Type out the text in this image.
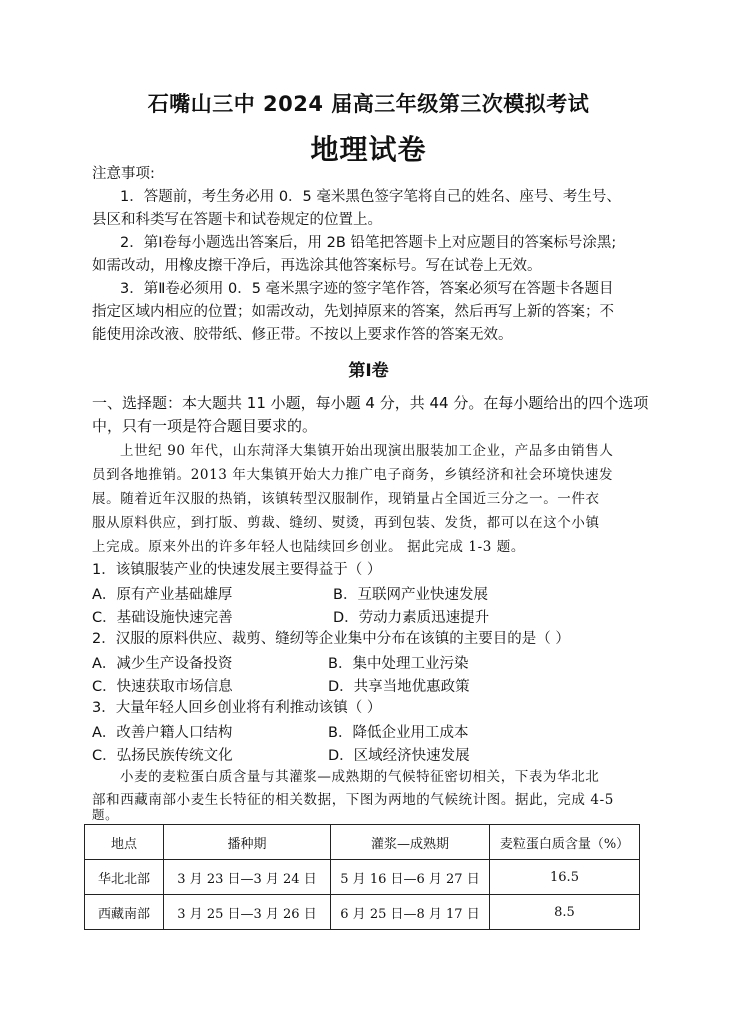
石嘴山三中 2024 届高三年级第三次模拟考试
地理试卷
注意事项:
1．答题前，考生务必用 0．5 毫米黑色签字笔将自己的姓名、座号、考生号、
县区和科类写在答题卡和试卷规定的位置上。
2．第Ⅰ卷每小题选出答案后，用 2B 铅笔把答题卡上对应题目的答案标号涂黑;
如需改动，用橡皮擦干净后，再选涂其他答案标号。写在试卷上无效。
3．第Ⅱ卷必须用 0．5 毫米黑字迹的签字笔作答，答案必须写在答题卡各题目
指定区域内相应的位置；如需改动，先划掉原来的答案，然后再写上新的答案；不
能使用涂改液、胶带纸、修正带。不按以上要求作答的答案无效。
第Ⅰ卷
一、选择题：本大题共 11 小题，每小题 4 分，共 44 分。在每小题给出的四个选项
中，只有一项是符合题目要求的。
上世纪 90 年代，山东菏泽大集镇开始出现演出服装加工企业，产品多由销售人
员到各地推销。2013 年大集镇开始大力推广电子商务，乡镇经济和社会环境快速发
展。随着近年汉服的热销，该镇转型汉服制作，现销量占全国近三分之一。一件衣
服从原料供应，到打版、剪裁、缝纫、熨烫，再到包装、发货，都可以在这个小镇
上完成。原来外出的许多年轻人也陆续回乡创业。 据此完成 1-3 题。
1．该镇服装产业的快速发展主要得益于（ ）
A．原有产业基础雄厚	B．互联网产业快速发展
C．基础设施快速完善	D．劳动力素质迅速提升
2．汉服的原料供应、裁剪、缝纫等企业集中分布在该镇的主要目的是（ ）
A．减少生产设备投资	B．集中处理工业污染
C．快速获取市场信息	D．共享当地优惠政策
3．大量年轻人回乡创业将有利推动该镇（ ）
A．改善户籍人口结构	B．降低企业用工成本
C．弘扬民族传统文化	D．区域经济快速发展
小麦的麦粒蛋白质含量与其灌浆—成熟期的气候特征密切相关，下表为华北北
部和西藏南部小麦生长特征的相关数据，下图为两地的气候统计图。据此，完成 4-5
题。
地点	播种期	灌浆—成熟期	麦粒蛋白质含量（%）
华北北部	3 月 23 日—3 月 24 日	5 月 16 日—6 月 27 日	16.5
西藏南部	3 月 25 日—3 月 26 日	6 月 25 日—8 月 17 日	8.5
